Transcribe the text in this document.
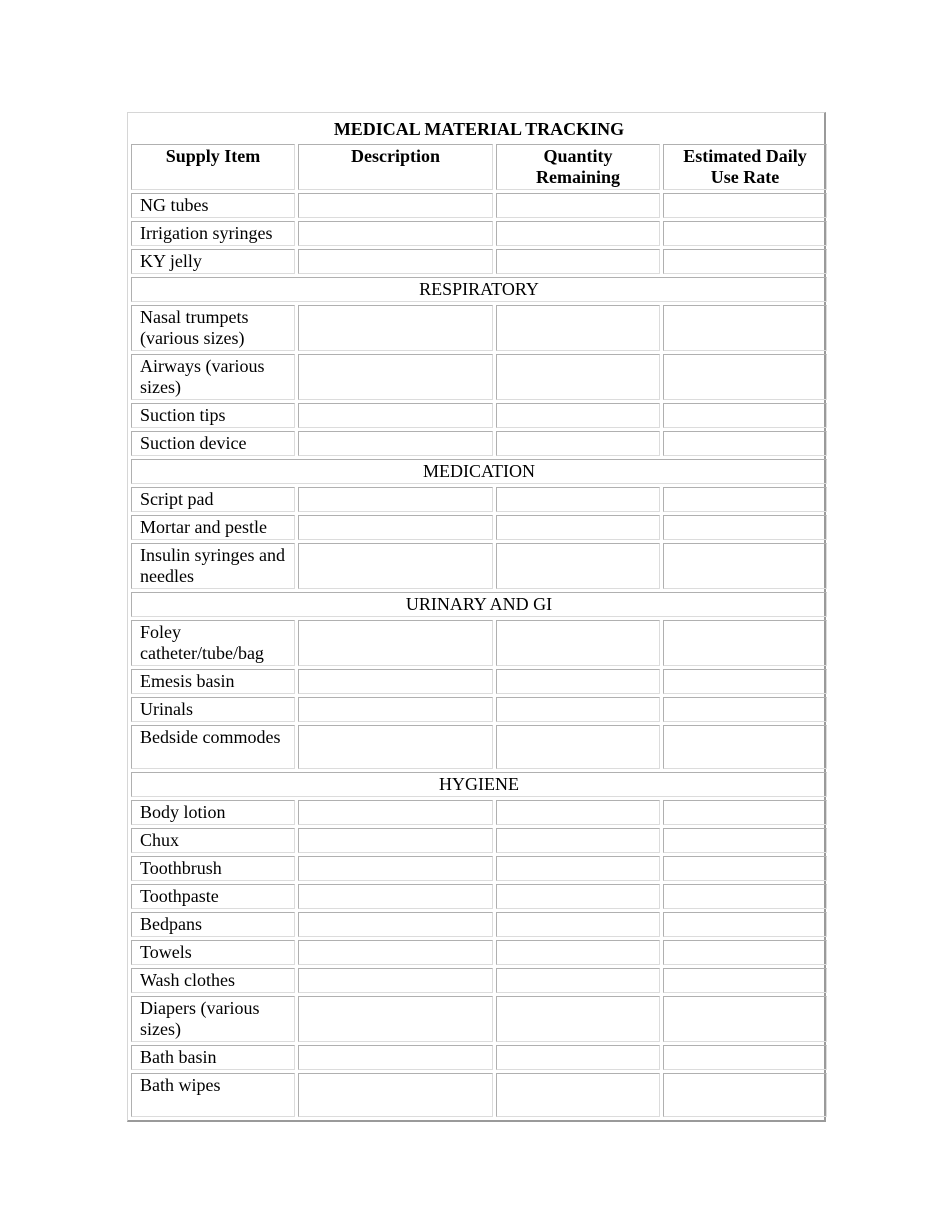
MEDICAL MATERIAL TRACKING			
Supply Item	Description	Quantity Remaining	Estimated Daily Use Rate
NG tubes			
Irrigation syringes			
KY jelly			
RESPIRATORY			
Nasal trumpets (various sizes)			
Airways (various sizes)			
Suction tips			
Suction device			
MEDICATION			
Script pad			
Mortar and pestle			
Insulin syringes and needles			
URINARY AND GI			
Foley catheter/tube/bag			
Emesis basin			
Urinals			
Bedside commodes			
HYGIENE			
Body lotion			
Chux			
Toothbrush			
Toothpaste			
Bedpans			
Towels			
Wash clothes			
Diapers (various sizes)			
Bath basin			
Bath wipes			
